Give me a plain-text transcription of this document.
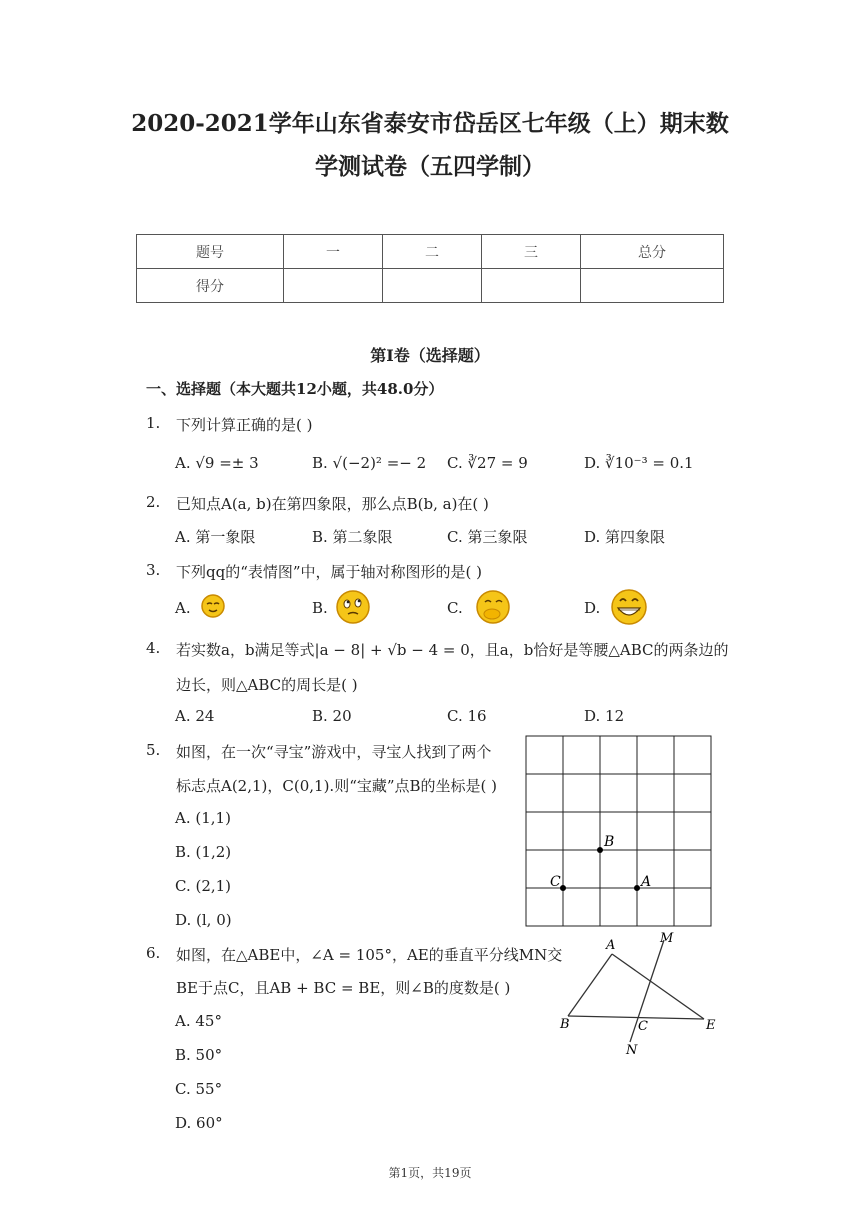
2020-2021学年山东省泰安市岱岳区七年级（上）期末数
学测试卷（五四学制）
题号	一	二	三	总分
得分				
第I卷（选择题）
一、选择题（本大题共12小题，共48.0分）
1. 下列计算正确的是( )
A. √9 =± 3	B. √(−2)² =− 2 C. ∛27 = 9	D. ∛10⁻³ = 0.1
2. 已知点A(a, b)在第四象限，那么点B(b, a)在( )
A. 第一象限	B. 第二象限	C. 第三象限	D. 第四象限
3. 下列qq的“表情图”中，属于轴对称图形的是( )
A.	B.	C.	D.
4. 若实数a，b满足等式|a − 8| + √b − 4 = 0，且a，b恰好是等腰△ABC的两条边的
边长，则△ABC的周长是( )
A. 24	B. 20	C. 16	D. 12
5. 如图，在一次“寻宝”游戏中，寻宝人找到了两个
标志点A(2,1)，C(0,1).则“宝藏”点B的坐标是( )
A. (1,1)
B. (1,2)
C. (2,1)
D. (l, 0)
B
C	A
6. 如图，在△ABE中，∠A = 105°，AE的垂直平分线MN交
BE于点C，且AB + BC = BE，则∠B的度数是( )
A. 45°
B. 50°
C. 55°
D. 60°
A	M
B	C	E
N
第1页，共19页
